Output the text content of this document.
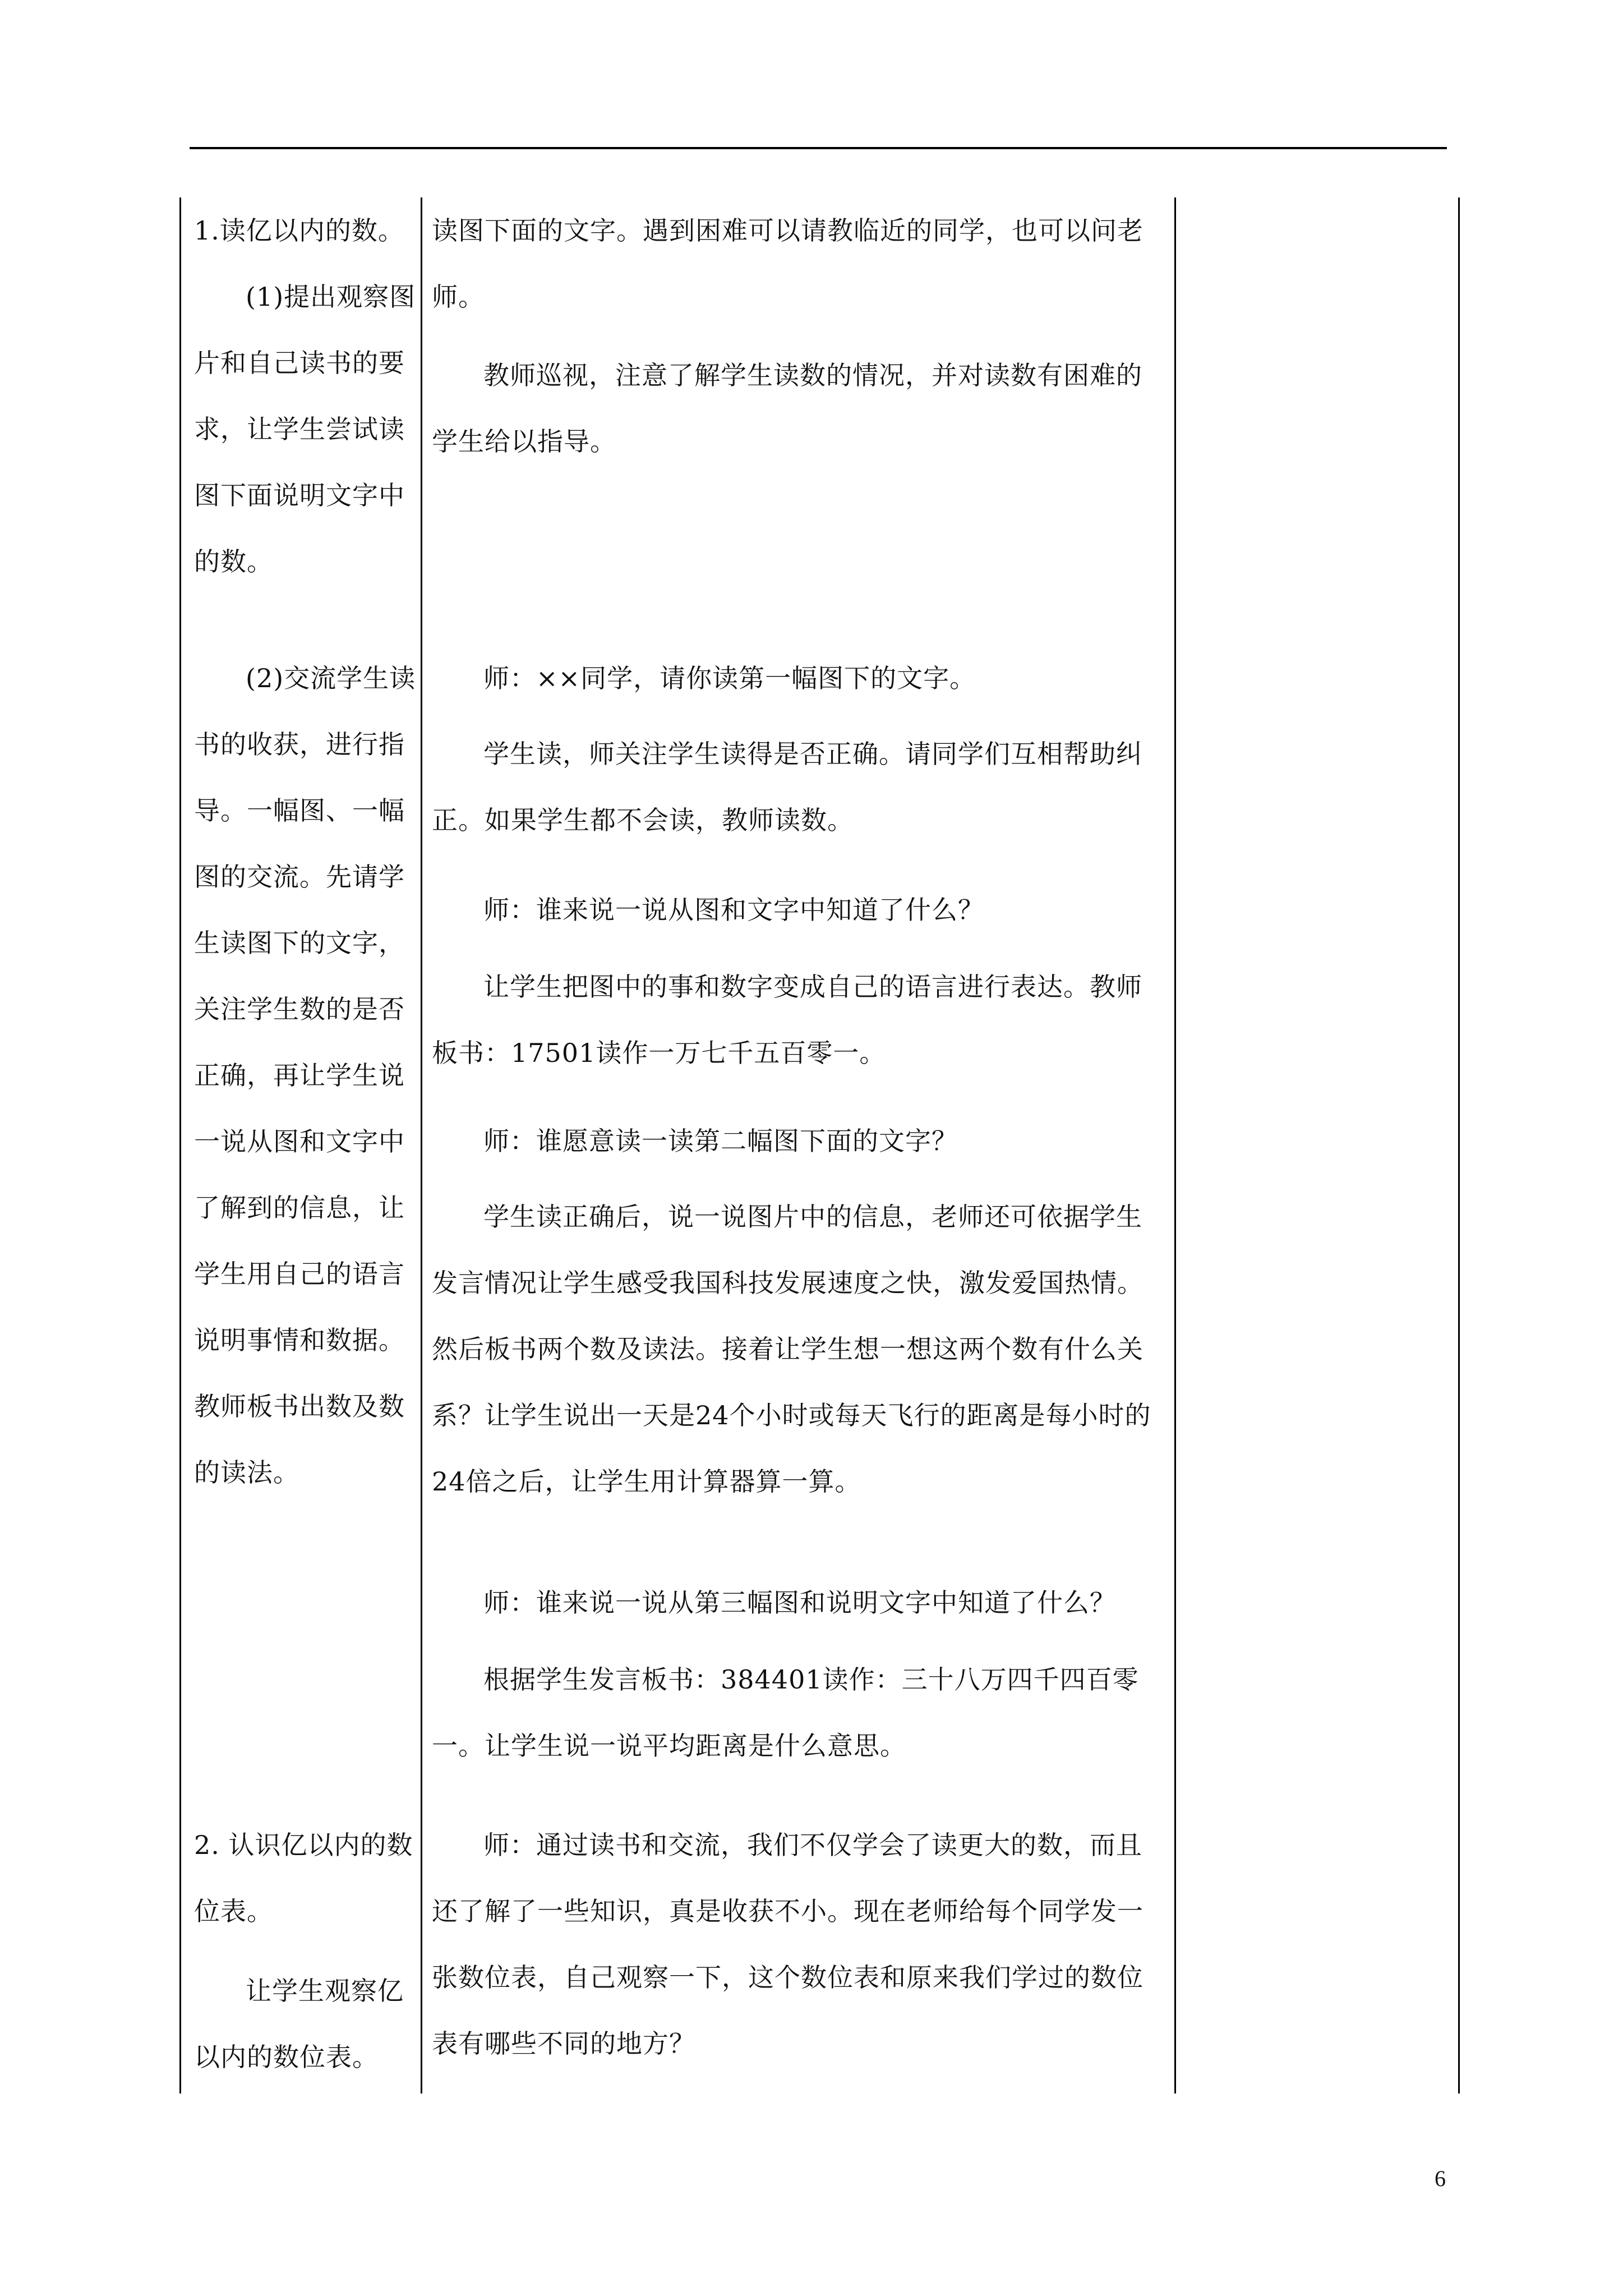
1.读亿以内的数。

(1)提出观察图片和自己读书的要求，让学生尝试读图下面说明文字中的数。

(2)交流学生读书的收获，进行指导。一幅图、一幅图的交流。先请学生读图下的文字，关注学生数的是否正确，再让学生说一说从图和文字中了解到的信息，让学生用自己的语言说明事情和数据。教师板书出数及数的读法。

2. 认识亿以内的数位表。

让学生观察亿以内的数位表。

读图下面的文字。遇到困难可以请教临近的同学，也可以问老师。

教师巡视，注意了解学生读数的情况，并对读数有困难的学生给以指导。

师：××同学，请你读第一幅图下的文字。

学生读，师关注学生读得是否正确。请同学们互相帮助纠正。如果学生都不会读，教师读数。

师：谁来说一说从图和文字中知道了什么？

让学生把图中的事和数字变成自己的语言进行表达。教师板书：17501读作一万七千五百零一。

师：谁愿意读一读第二幅图下面的文字？

学生读正确后，说一说图片中的信息，老师还可依据学生发言情况让学生感受我国科技发展速度之快，激发爱国热情。然后板书两个数及读法。接着让学生想一想这两个数有什么关系？让学生说出一天是24个小时或每天飞行的距离是每小时的24倍之后，让学生用计算器算一算。

师：谁来说一说从第三幅图和说明文字中知道了什么？

根据学生发言板书：384401读作：三十八万四千四百零一。让学生说一说平均距离是什么意思。

师：通过读书和交流，我们不仅学会了读更大的数，而且还了解了一些知识，真是收获不小。现在老师给每个同学发一张数位表，自己观察一下，这个数位表和原来我们学过的数位表有哪些不同的地方？

6
